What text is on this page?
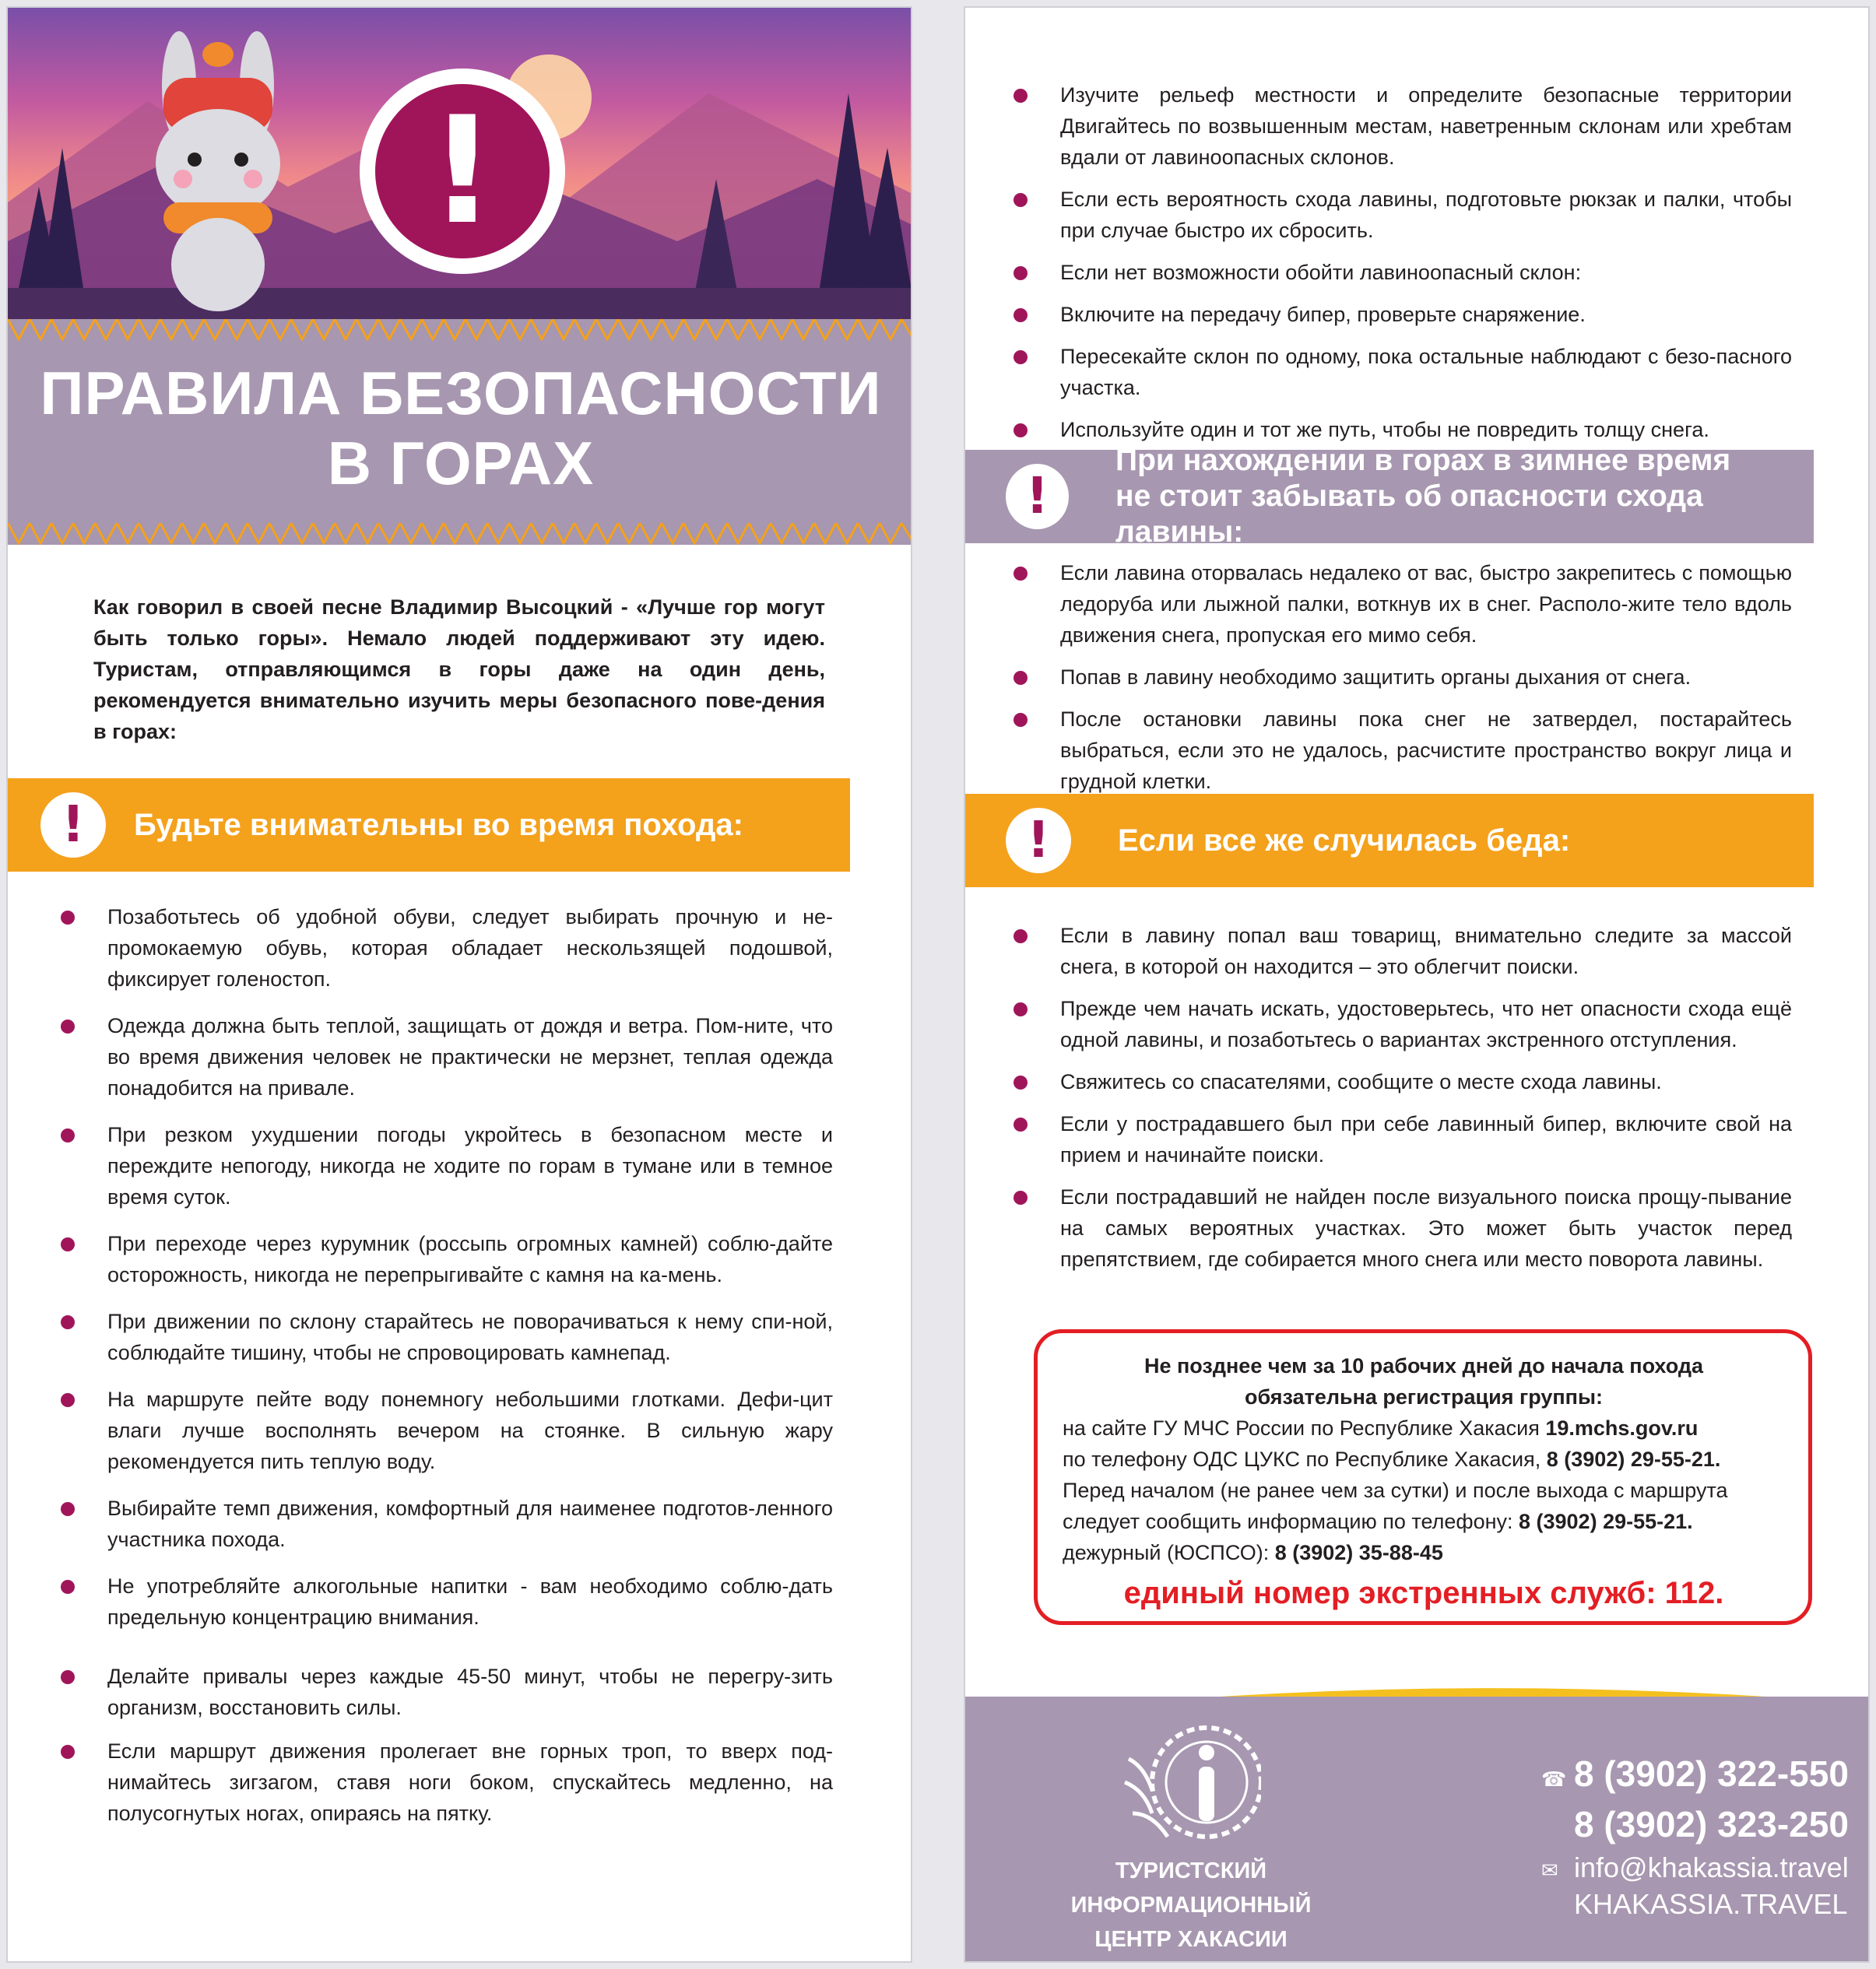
!
ПРАВИЛА БЕЗОПАСНОСТИ
В ГОРАХ
Как говорил в своей песне Владимир Высоцкий - «Лучше гор могут быть только горы». Немало людей поддерживают эту идею. Туристам, отправляющимся в горы даже на один день, рекомендуется внимательно изучить меры безопасного пове-дения в горах:
!	Будьте внимательны во время похода:
Позаботьтесь об удобной обуви, следует выбирать прочную и не-промокаемую обувь, которая обладает нескользящей подошвой, фиксирует голеностоп.
Одежда должна быть теплой, защищать от дождя и ветра. Пом-ните, что во время движения человек не практически не мерзнет, теплая одежда понадобится на привале.
При резком ухудшении погоды укройтесь в безопасном месте и переждите непогоду, никогда не ходите по горам в тумане или в темное время суток.
При переходе через курумник (россыпь огромных камней) соблю-дайте осторожность, никогда не перепрыгивайте с камня на ка-мень.
При движении по склону старайтесь не поворачиваться к нему спи-ной, соблюдайте тишину, чтобы не спровоцировать камнепад.
На маршруте пейте воду понемногу небольшими глотками. Дефи-цит влаги лучше восполнять вечером на стоянке. В сильную жару рекомендуется пить теплую воду.
Выбирайте темп движения, комфортный для наименее подготов-ленного участника похода.
Не употребляйте алкогольные напитки - вам необходимо соблю-дать предельную концентрацию внимания.
Делайте привалы через каждые 45-50 минут, чтобы не перегру-зить организм, восстановить силы.
Если маршрут движения пролегает вне горных троп, то вверх под-нимайтесь зигзагом, ставя ноги боком, спускайтесь медленно, на полусогнутых ногах, опираясь на пятку.
Изучите рельеф местности и определите безопасные территории Двигайтесь по возвышенным местам, наветренным склонам или хребтам вдали от лавиноопасных склонов.
Если есть вероятность схода лавины, подготовьте рюкзак и палки, чтобы при случае быстро их сбросить.
Если нет возможности обойти лавиноопасный склон:
Включите на передачу бипер, проверьте снаряжение.
Пересекайте склон по одному, пока остальные наблюдают с безо-пасного участка.
Используйте один и тот же путь, чтобы не повредить толщу снега.
!
При нахождении в горах в зимнее время
не стоит забывать об опасности схода лавины:
Если лавина оторвалась недалеко от вас, быстро закрепитесь с помощью ледоруба или лыжной палки, воткнув их в снег. Располо-жите тело вдоль движения снега, пропуская его мимо себя.
Попав в лавину необходимо защитить органы дыхания от снега.
После остановки лавины пока снег не затвердел, постарайтесь выбраться, если это не удалось, расчистите пространство вокруг лица и грудной клетки.
!	Если все же случилась беда:
Если в лавину попал ваш товарищ, внимательно следите за массой снега, в которой он находится – это облегчит поиски.
Прежде чем начать искать, удостоверьтесь, что нет опасности схода ещё одной лавины, и позаботьтесь о вариантах экстренного отступления.
Свяжитесь со спасателями, сообщите о месте схода лавины.
Если у пострадавшего был при себе лавинный бипер, включите свой на прием и начинайте поиски.
Если пострадавший не найден после визуального поиска прощу-пывание на самых вероятных участках. Это может быть участок перед препятствием, где собирается много снега или место поворота лавины.
Не позднее чем за 10 рабочих дней до начала похода
обязательна регистрация группы:
на сайте ГУ МЧС России по Республике Хакасия 19.mchs.gov.ru
по телефону ОДС ЦУКС по Республике Хакасия, 8 (3902) 29-55-21.
Перед началом (не ранее чем за сутки) и после выхода с маршрута
следует сообщить информацию по телефону: 8 (3902) 29-55-21.
дежурный (ЮСПСО): 8 (3902) 35-88-45
единый номер экстренных служб: 112.
ТУРИСТСКИЙ ИНФОРМАЦИОННЫЙ
ЦЕНТР ХАКАСИИ
☎ 8 (3902) 322-550
8 (3902) 323-250
✉ info@khakassia.travel
KHAKASSIA.TRAVEL
